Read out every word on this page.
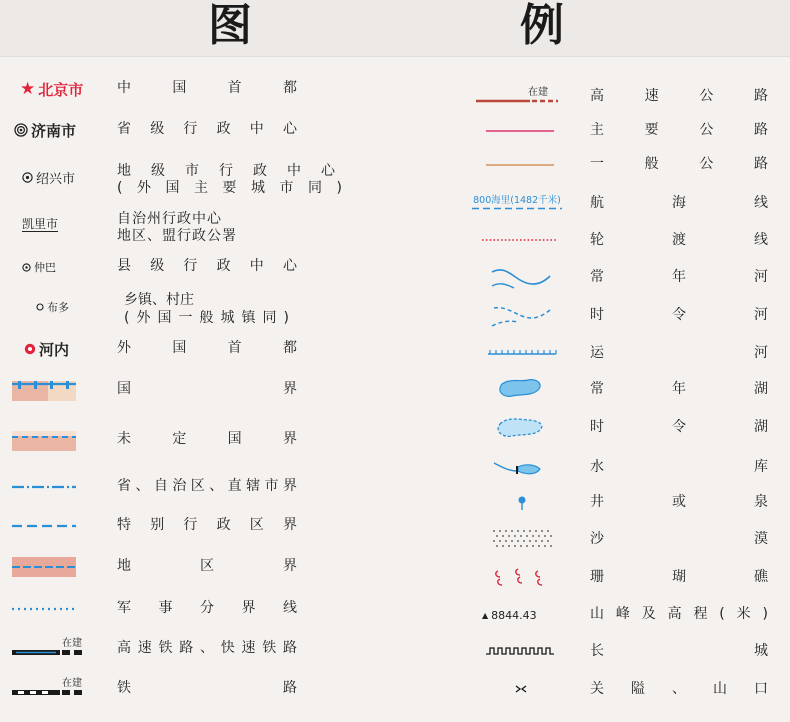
图	例
★ 北京市 中	国	首	都
济南市	省 级 行 政 中 心
绍兴市	地 级 市 行 政 中 心
( 外 国 主 要 城 市 同 )
凯里市	自治州行政中心
地区、盟行政公署
仲巴	县 级 行 政 中 心
布多	乡镇、村庄
( 外 国 一 般 城 镇 同 )
河内	外	国	首	都
国	界
未	定	国	界
省 、 自 治 区 、 直 辖 市 界
特 别 行 政 区 界
地	区	界
军 事 分 界 线
在建	高 速 铁 路 、 快 速 铁 路
在建	铁	路
在建	高	速	公	路
主	要	公	路
一	般	公	路
800海里(1482千米) 航	海	线
轮	渡	线
常	年	河
时	令	河
运	河
常	年	湖
时	令	湖
水	库
井	或	泉
沙	漠
珊	瑚	礁
▲ 8844.43	山 峰 及 高 程 ( 米 )
长	城
关 隘 、 山 口
